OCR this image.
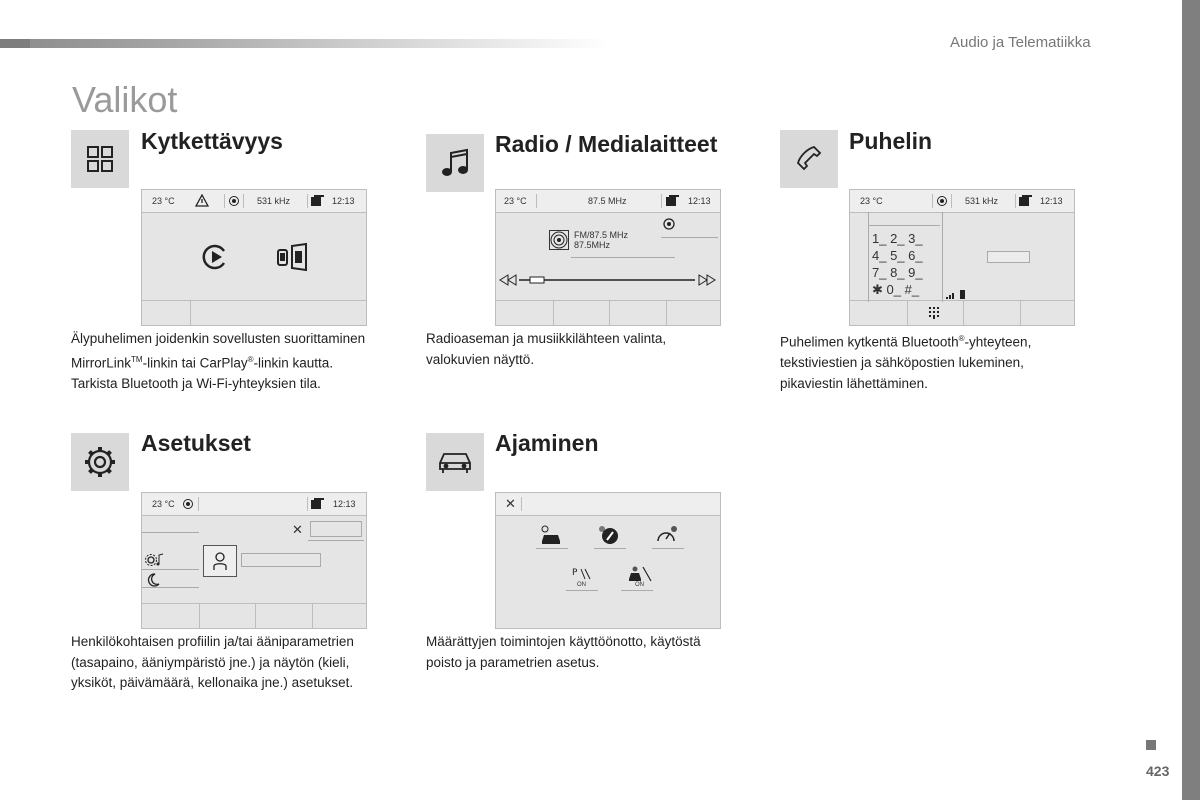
Audio ja Telematiikka
Valikot
Kytkettävyys
23 °C	531 kHz	12:13
Älypuhelimen joidenkin sovellusten suorittaminen
MirrorLink™-linkin tai CarPlay®-linkin kautta.
Tarkista Bluetooth ja Wi-Fi-yhteyksien tila.
Radio / Medialaitteet
23 °C	87.5 MHz	12:13
FM/87.5 MHz
87.5MHz
Radioaseman ja musiikkilähteen valinta,
valokuvien näyttö.
Puhelin
23 °C	531 kHz	12:13
1_ 2_ 3_
4_ 5_ 6_
7_ 8_ 9_
✱ 0_ #_
Puhelimen kytkentä Bluetooth®-yhteyteen,
tekstiviestien ja sähköpostien lukeminen,
pikaviestin lähettäminen.
Asetukset
23 °C	12:13
✕
Henkilökohtaisen profiilin ja/tai ääniparametrien
(tasapaino, ääniympäristö jne.) ja näytön (kieli,
yksiköt, päivämäärä, kellonaika jne.) asetukset.
Ajaminen
✕
P
ON	ON
Määrättyjen toimintojen käyttöönotto, käytöstä
poisto ja parametrien asetus.
423
